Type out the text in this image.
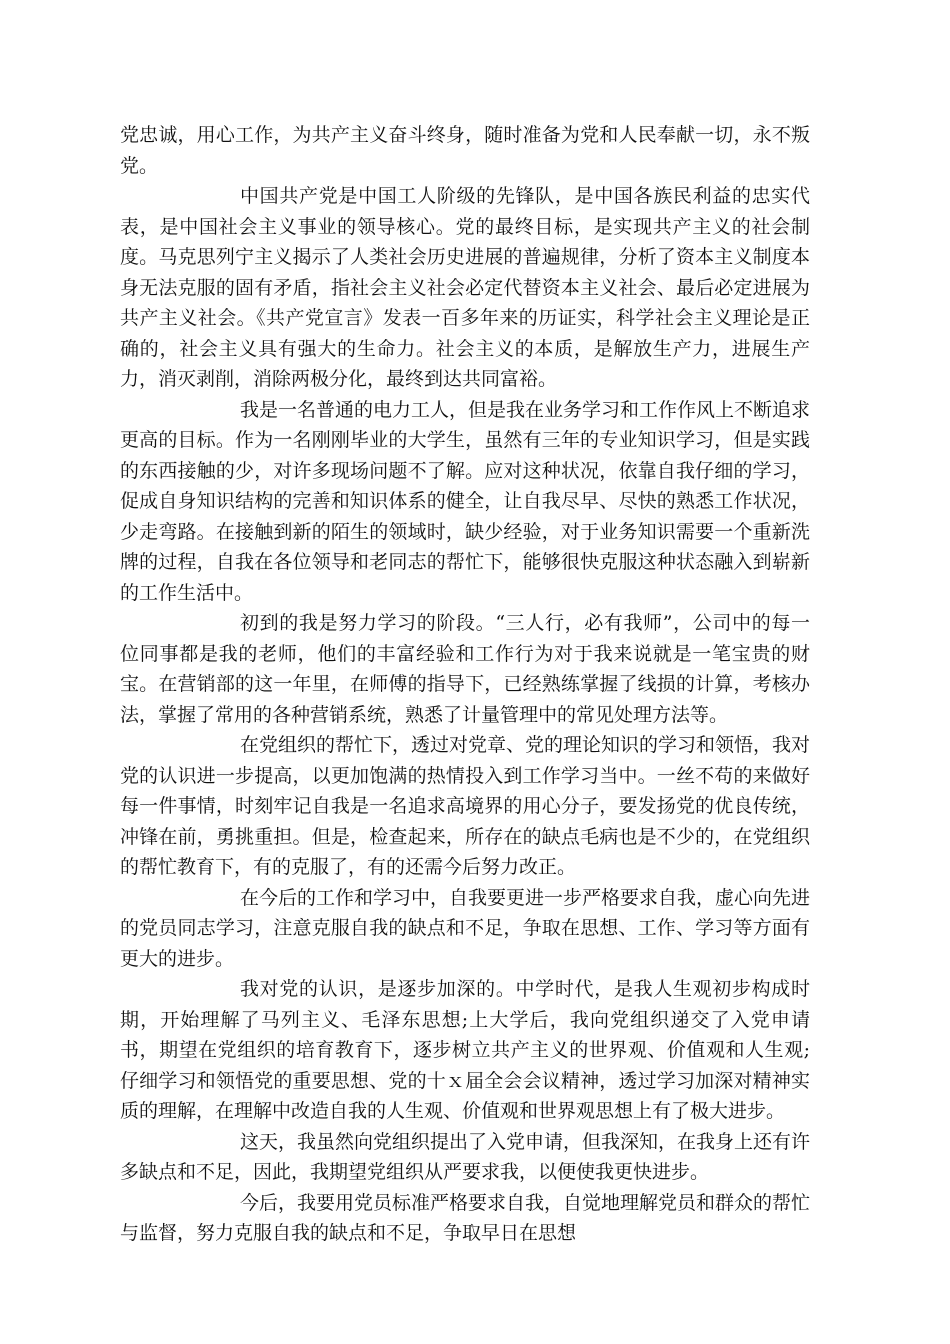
党忠诚，用心工作，为共产主义奋斗终身，随时准备为党和人民奉献一切，永不叛党。

中国共产党是中国工人阶级的先锋队，是中国各族民利益的忠实代表，是中国社会主义事业的领导核心。党的最终目标，是实现共产主义的社会制度。马克思列宁主义揭示了人类社会历史进展的普遍规律，分析了资本主义制度本身无法克服的固有矛盾，指社会主义社会必定代替资本主义社会、最后必定进展为共产主义社会。《共产党宣言》发表一百多年来的历证实，科学社会主义理论是正确的，社会主义具有强大的生命力。社会主义的本质，是解放生产力，进展生产力，消灭剥削，消除两极分化，最终到达共同富裕。

我是一名普通的电力工人，但是我在业务学习和工作作风上不断追求更高的目标。作为一名刚刚毕业的大学生，虽然有三年的专业知识学习，但是实践的东西接触的少，对许多现场问题不了解。应对这种状况，依靠自我仔细的学习，促成自身知识结构的完善和知识体系的健全，让自我尽早、尽快的熟悉工作状况，少走弯路。在接触到新的陌生的领域时，缺少经验，对于业务知识需要一个重新洗牌的过程，自我在各位领导和老同志的帮忙下，能够很快克服这种状态融入到崭新的工作生活中。

初到的我是努力学习的阶段。“三人行，必有我师”，公司中的每一位同事都是我的老师，他们的丰富经验和工作行为对于我来说就是一笔宝贵的财宝。在营销部的这一年里，在师傅的指导下，已经熟练掌握了线损的计算，考核办法，掌握了常用的各种营销系统，熟悉了计量管理中的常见处理方法等。

在党组织的帮忙下，透过对党章、党的理论知识的学习和领悟，我对党的认识进一步提高，以更加饱满的热情投入到工作学习当中。一丝不苟的来做好每一件事情，时刻牢记自我是一名追求高境界的用心分子，要发扬党的优良传统，冲锋在前，勇挑重担。但是，检查起来，所存在的缺点毛病也是不少的，在党组织的帮忙教育下，有的克服了，有的还需今后努力改正。

在今后的工作和学习中，自我要更进一步严格要求自我，虚心向先进的党员同志学习，注意克服自我的缺点和不足，争取在思想、工作、学习等方面有更大的进步。

我对党的认识，是逐步加深的。中学时代，是我人生观初步构成时期，开始理解了马列主义、毛泽东思想;上大学后，我向党组织递交了入党申请书，期望在党组织的培育教育下，逐步树立共产主义的世界观、价值观和人生观;仔细学习和领悟党的重要思想、党的十ｘ届全会会议精神，透过学习加深对精神实质的理解，在理解中改造自我的人生观、价值观和世界观思想上有了极大进步。

这天，我虽然向党组织提出了入党申请，但我深知，在我身上还有许多缺点和不足，因此，我期望党组织从严要求我，以便使我更快进步。

今后，我要用党员标准严格要求自我，自觉地理解党员和群众的帮忙与监督，努力克服自我的缺点和不足，争取早日在思想
